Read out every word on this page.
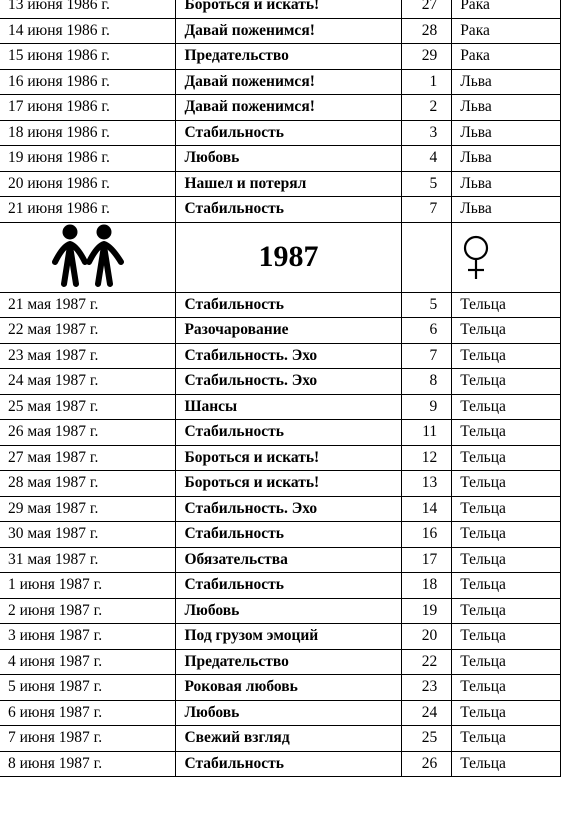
13 июня 1986 г.	Бороться и искать!	27	Рака
14 июня 1986 г.	Давай поженимся!	28	Рака
15 июня 1986 г.	Предательство	29	Рака
16 июня 1986 г.	Давай поженимся!	1	Льва
17 июня 1986 г.	Давай поженимся!	2	Льва
18 июня 1986 г.	Стабильность	3	Льва
19 июня 1986 г.	Любовь	4	Льва
20 июня 1986 г.	Нашел и потерял	5	Льва
21 июня 1986 г.	Стабильность	7	Льва

	1987		

21 мая 1987 г.	Стабильность	5	Тельца
22 мая 1987 г.	Разочарование	6	Тельца
23 мая 1987 г.	Стабильность. Эхо	7	Тельца
24 мая 1987 г.	Стабильность. Эхо	8	Тельца
25 мая 1987 г.	Шансы	9	Тельца
26 мая 1987 г.	Стабильность	11	Тельца
27 мая 1987 г.	Бороться и искать!	12	Тельца
28 мая 1987 г.	Бороться и искать!	13	Тельца
29 мая 1987 г.	Стабильность. Эхо	14	Тельца
30 мая 1987 г.	Стабильность	16	Тельца
31 мая 1987 г.	Обязательства	17	Тельца
1 июня 1987 г.	Стабильность	18	Тельца
2 июня 1987 г.	Любовь	19	Тельца
3 июня 1987 г.	Под грузом эмоций	20	Тельца
4 июня 1987 г.	Предательство	22	Тельца
5 июня 1987 г.	Роковая любовь	23	Тельца
6 июня 1987 г.	Любовь	24	Тельца
7 июня 1987 г.	Свежий взгляд	25	Тельца
8 июня 1987 г.	Стабильность	26	Тельца
